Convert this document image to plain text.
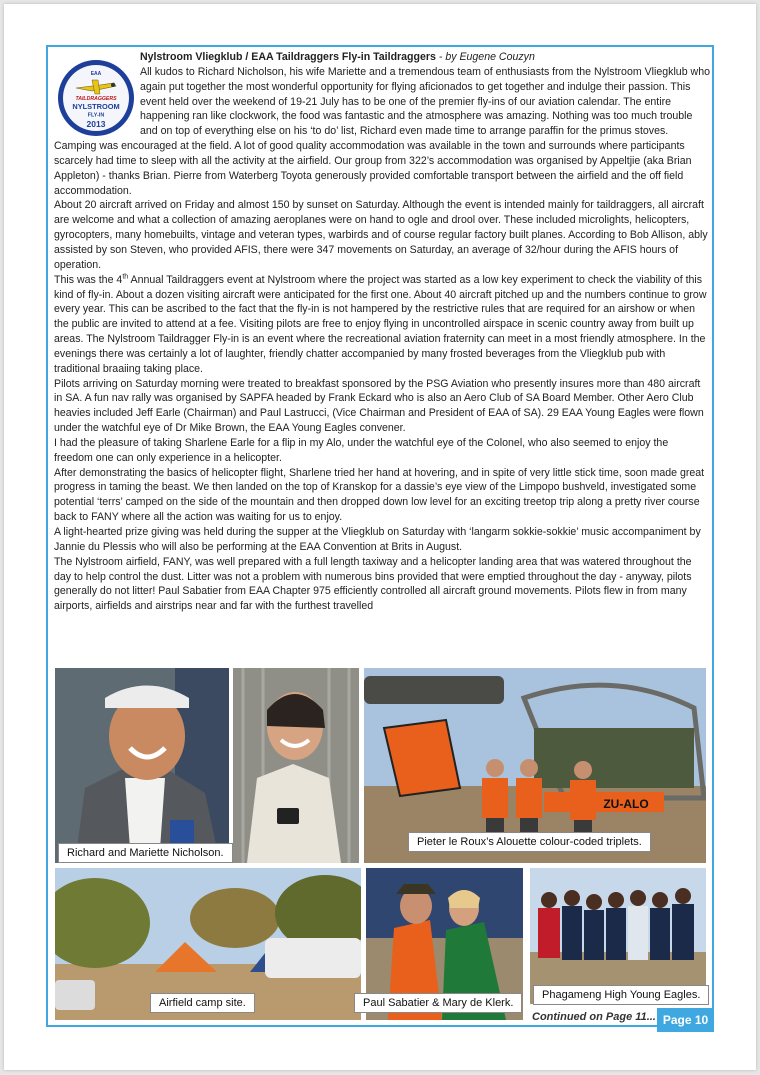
EAA
TAILDRAGGERS
NYLSTROOM
FLY-IN
2013

Nylstroom Vliegklub / EAA Taildraggers Fly-in Taildraggers - by Eugene Couzyn

All kudos to Richard Nicholson, his wife Mariette and a tremendous team of enthusiasts from the Nylstroom Vliegklub who again put together the most wonderful opportunity for flying aficionados to get together and indulge their passion. This event held over the weekend of 19-21 July has to be one of the premier fly-ins of our aviation calendar. The entire happening ran like clockwork, the food was fantastic and the atmosphere was amazing. Nothing was too much trouble and on top of everything else on his ‘to do’ list, Richard even made time to arrange paraffin for the primus stoves.

Camping was encouraged at the field. A lot of good quality accommodation was available in the town and surrounds where participants scarcely had time to sleep with all the activity at the airfield. Our group from 322’s accommodation was organised by Appeltjie (aka Brian Appleton) - thanks Brian. Pierre from Waterberg Toyota generously provided comfortable transport between the airfield and the off field accommodation.

About 20 aircraft arrived on Friday and almost 150 by sunset on Saturday. Although the event is intended mainly for taildraggers, all aircraft are welcome and what a collection of amazing aeroplanes were on hand to ogle and drool over. These included microlights, helicopters, gyrocopters, many homebuilts, vintage and veteran types, warbirds and of course regular factory built planes. According to Bob Allison, ably assisted by son Steven, who provided AFIS, there were 347 movements on Saturday, an average of 32/hour during the AFIS hours of operation.

This was the 4th Annual Taildraggers event at Nylstroom where the project was started as a low key experiment to check the viability of this kind of fly-in. About a dozen visiting aircraft were anticipated for the first one. About 40 aircraft pitched up and the numbers continue to grow every year. This can be ascribed to the fact that the fly-in is not hampered by the restrictive rules that are required for an airshow or when the public are invited to attend at a fee. Visiting pilots are free to enjoy flying in uncontrolled airspace in scenic country away from built up areas. The Nylstroom Taildragger Fly-in is an event where the recreational aviation fraternity can meet in a most friendly atmosphere. In the evenings there was certainly a lot of laughter, friendly chatter accompanied by many frosted beverages from the Vliegklub pub with traditional braaiing taking place.

Pilots arriving on Saturday morning were treated to breakfast sponsored by the PSG Aviation who presently insures more than 480 aircraft in SA. A fun nav rally was organised by SAPFA headed by Frank Eckard who is also an Aero Club of SA Board Member. Other Aero Club heavies included Jeff Earle (Chairman) and Paul Lastrucci, (Vice Chairman and President of EAA of SA). 29 EAA Young Eagles were flown under the watchful eye of Dr Mike Brown, the EAA Young Eagles convener.

I had the pleasure of taking Sharlene Earle for a flip in my Alo, under the watchful eye of the Colonel, who also seemed to enjoy the freedom one can only experience in a helicopter.

After demonstrating the basics of helicopter flight, Sharlene tried her hand at hovering, and in spite of very little stick time, soon made great progress in taming the beast. We then landed on the top of Kranskop for a dassie’s eye view of the Limpopo bushveld, investigated some potential ‘terrs’ camped on the side of the mountain and then dropped down low level for an exciting treetop trip along a pretty river course back to FANY where all the action was waiting for us to enjoy.

A light-hearted prize giving was held during the supper at the Vliegklub on Saturday with ‘langarm sokkie-sokkie’ music accompaniment by Jannie du Plessis who will also be performing at the EAA Convention at Brits in August.

The Nylstroom airfield, FANY, was well prepared with a full length taxiway and a helicopter landing area that was watered throughout the day to help control the dust. Litter was not a problem with numerous bins provided that were emptied throughout the day - anyway, pilots generally do not litter! Paul Sabatier from EAA Chapter 975 efficiently controlled all aircraft ground movements. Pilots flew in from many airports, airfields and airstrips near and far with the furthest travelled

ZU-ALO
Richard and Mariette Nicholson.
Pieter le Roux’s Alouette colour-coded triplets.
Airfield camp site.	Paul Sabatier & Mary de Klerk.
Phagameng High Young Eagles.
Continued on Page 11... Page 10
